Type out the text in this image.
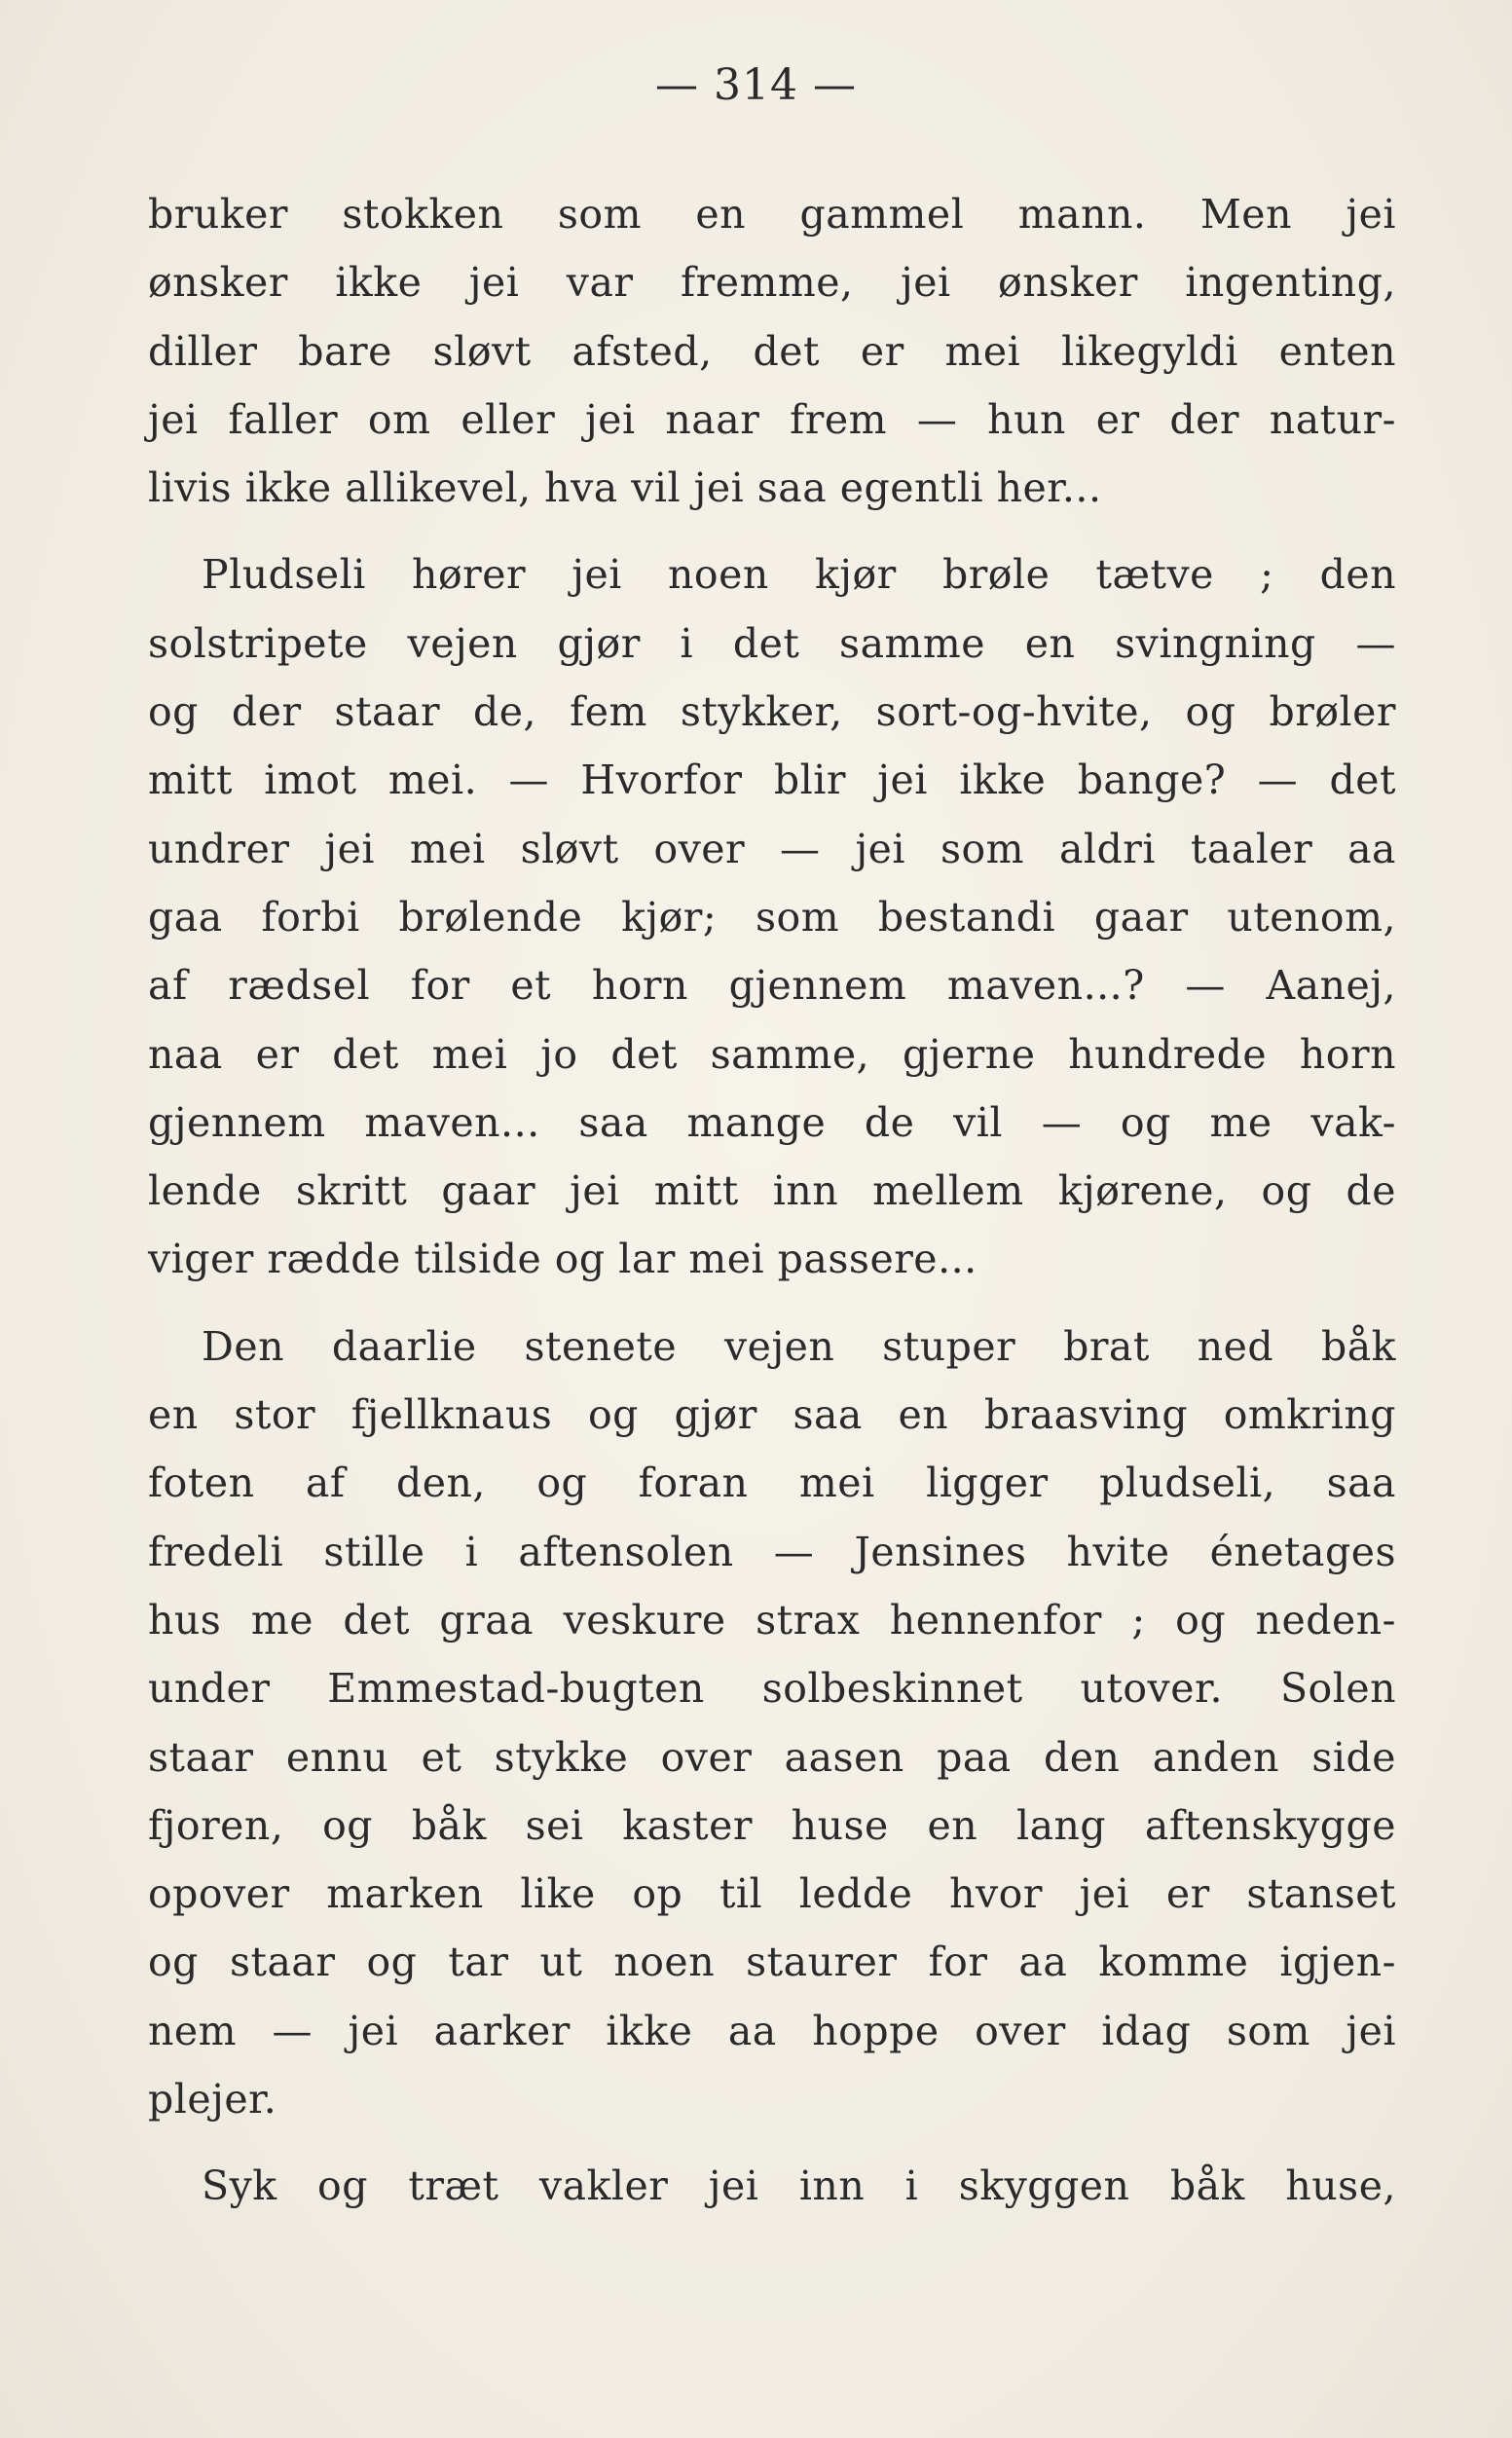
— 314 —
bruker stokken som en gammel mann. Men jei
ønsker ikke jei var fremme, jei ønsker ingenting,
diller bare sløvt afsted, det er mei likegyldi enten
jei faller om eller jei naar frem — hun er der natur-
livis ikke allikevel, hva vil jei saa egentli her...
Pludseli hører jei noen kjør brøle tætve ; den
solstripete vejen gjør i det samme en svingning —
og der staar de, fem stykker, sort-og-hvite, og brøler
mitt imot mei. — Hvorfor blir jei ikke bange? — det
undrer jei mei sløvt over — jei som aldri taaler aa
gaa forbi brølende kjør; som bestandi gaar utenom,
af rædsel for et horn gjennem maven...? — Aanej,
naa er det mei jo det samme, gjerne hundrede horn
gjennem maven... saa mange de vil — og me vak-
lende skritt gaar jei mitt inn mellem kjørene, og de
viger rædde tilside og lar mei passere...
Den daarlie stenete vejen stuper brat ned båk
en stor fjellknaus og gjør saa en braasving omkring
foten af den, og foran mei ligger pludseli, saa
fredeli stille i aftensolen — Jensines hvite énetages
hus me det graa veskure strax hennenfor ; og neden-
under Emmestad-bugten solbeskinnet utover. Solen
staar ennu et stykke over aasen paa den anden side
fjoren, og båk sei kaster huse en lang aftenskygge
opover marken like op til ledde hvor jei er stanset
og staar og tar ut noen staurer for aa komme igjen-
nem — jei aarker ikke aa hoppe over idag som jei
plejer.
Syk og træt vakler jei inn i skyggen båk huse,
